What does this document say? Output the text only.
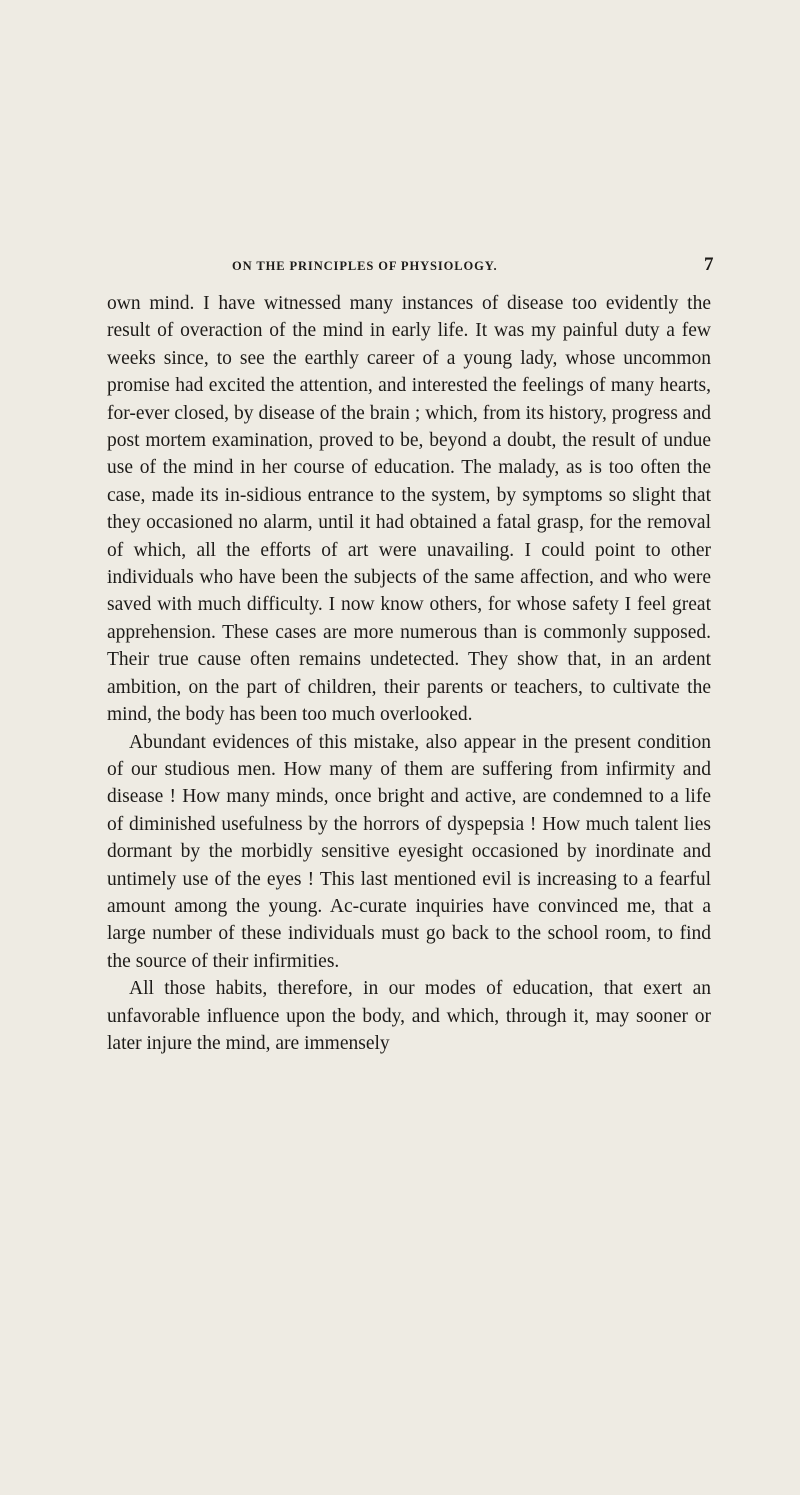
ON THE PRINCIPLES OF PHYSIOLOGY.	7

own mind. I have witnessed many instances of disease too evidently the result of overaction of the mind in early life. It was my painful duty a few weeks since, to see the earthly career of a young lady, whose uncommon promise had excited the attention, and interested the feelings of many hearts, for-ever closed, by disease of the brain ; which, from its history, progress and post mortem examination, proved to be, beyond a doubt, the result of undue use of the mind in her course of education. The malady, as is too often the case, made its in-sidious entrance to the system, by symptoms so slight that they occasioned no alarm, until it had obtained a fatal grasp, for the removal of which, all the efforts of art were unavailing. I could point to other individuals who have been the subjects of the same affection, and who were saved with much difficulty. I now know others, for whose safety I feel great apprehension. These cases are more numerous than is commonly supposed. Their true cause often remains undetected. They show that, in an ardent ambition, on the part of children, their parents or teachers, to cultivate the mind, the body has been too much overlooked.

Abundant evidences of this mistake, also appear in the present condition of our studious men. How many of them are suffering from infirmity and disease ! How many minds, once bright and active, are condemned to a life of diminished usefulness by the horrors of dyspepsia ! How much talent lies dormant by the morbidly sensitive eyesight occasioned by inordinate and untimely use of the eyes ! This last mentioned evil is increasing to a fearful amount among the young. Ac-curate inquiries have convinced me, that a large number of these individuals must go back to the school room, to find the source of their infirmities.

All those habits, therefore, in our modes of education, that exert an unfavorable influence upon the body, and which, through it, may sooner or later injure the mind, are immensely
